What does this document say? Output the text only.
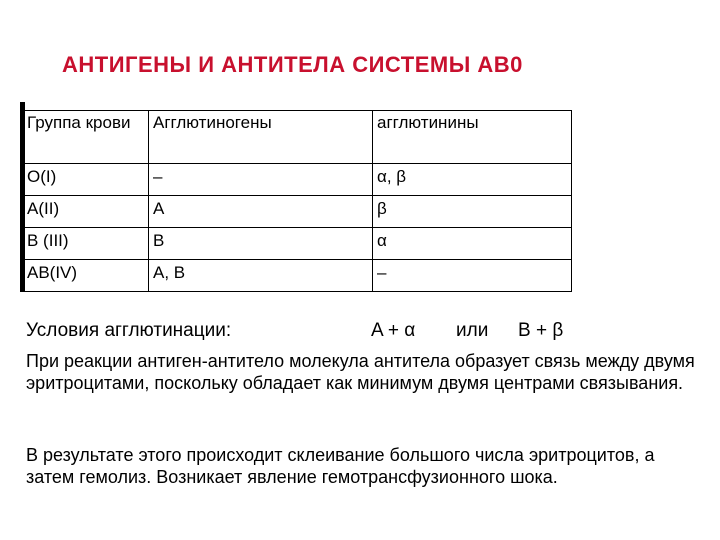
АНТИГЕНЫ И АНТИТЕЛА СИСТЕМЫ АВ0
Группа крови	Агглютиногены	агглютинины
O(I)	–	α, β
A(II)	A	β
B (III)	B	α
AB(IV)	A, B	–
Условия агглютинации:	A + α или B + β

При реакции антиген-антитело молекула антитела образует связь между двумя эритроцитами, поскольку обладает как минимум двумя центрами связывания.

В результате этого происходит склеивание большого числа эритроцитов, а затем гемолиз. Возникает явление гемотрансфузионного шока.
